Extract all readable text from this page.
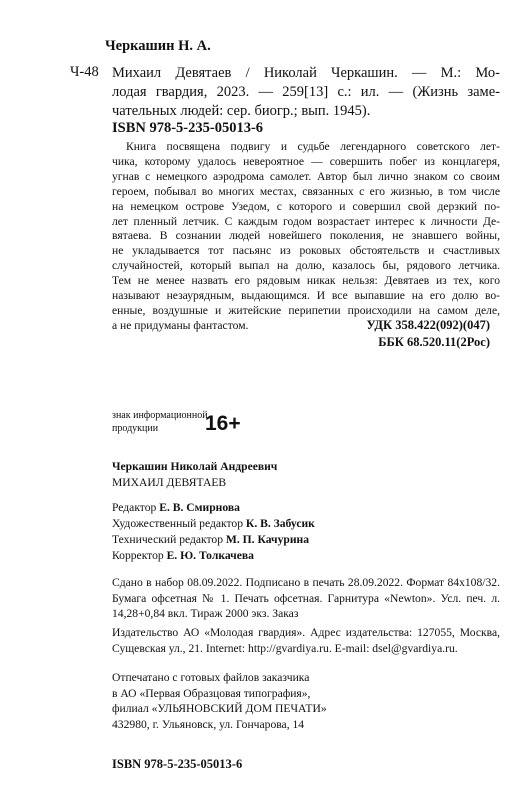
Черкашин Н. А.
Ч-48 Михаил Девятаев / Николай Черкашин. — М.: Мо-
лодая гвардия, 2023. — 259[13] с.: ил. — (Жизнь заме-
чательных людей: сер. биогр.; вып. 1945).
ISBN 978-5-235-05013-6
Книга посвящена подвигу и судьбе легендарного советского лет-
чика, которому удалось невероятное — совершить побег из концлагеря,
угнав с немецкого аэродрома самолет. Автор был лично знаком со своим
героем, побывал во многих местах, связанных с его жизнью, в том числе
на немецком острове Узедом, с которого и совершил свой дерзкий по-
лет пленный летчик. С каждым годом возрастает интерес к личности Де-
вятаева. В сознании людей новейшего поколения, не знавшего войны,
не укладывается тот пасьянс из роковых обстоятельств и счастливых
случайностей, который выпал на долю, казалось бы, рядового летчика.
Тем не менее назвать его рядовым никак нельзя: Девятаев из тех, кого
называют незаурядным, выдающимся. И все выпавшие на его долю во-
енные, воздушные и житейские перипетии происходили на самом деле,
а не придуманы фантастом.	УДК 358.422(092)(047)
ББК 68.520.11(2Рос)
знак информационной
продукции	16+
Черкашин Николай Андреевич
МИХАИЛ ДЕВЯТАЕВ
Редактор Е. В. Смирнова
Художественный редактор К. В. Забусик
Технический редактор М. П. Качурина
Корректор Е. Ю. Толкачева
Сдано в набор 08.09.2022. Подписано в печать 28.09.2022. Формат 84х108/32.
Бумага офсетная № 1. Печать офсетная. Гарнитура «Newton». Усл. печ. л.
14,28+0,84 вкл. Тираж 2000 экз. Заказ
Издательство АО «Молодая гвардия». Адрес издательства: 127055, Москва,
Сущевская ул., 21. Internet: http://gvardiya.ru. E-mail: dsel@gvardiya.ru.
Отпечатано с готовых файлов заказчика
в АО «Первая Образцовая типография»,
филиал «УЛЬЯНОВСКИЙ ДОМ ПЕЧАТИ»
432980, г. Ульяновск, ул. Гончарова, 14
ISBN 978-5-235-05013-6
